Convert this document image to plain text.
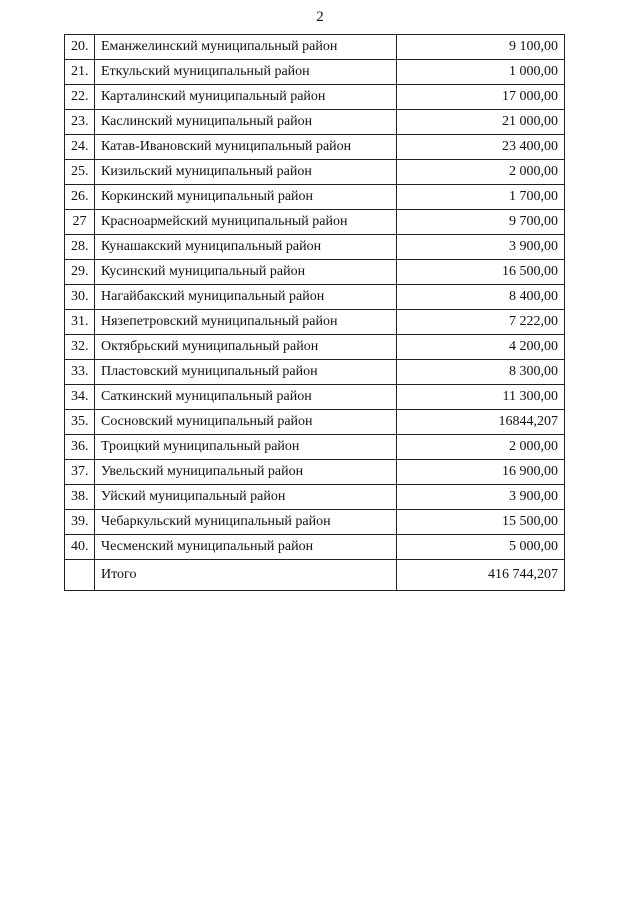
2
20.	Еманжелинский муниципальный район	9 100,00
21.	Еткульский муниципальный район	1 000,00
22.	Карталинский муниципальный район	17 000,00
23.	Каслинский муниципальный район	21 000,00
24.	Катав-Ивановский муниципальный район	23 400,00
25.	Кизильский муниципальный район	2 000,00
26.	Коркинский муниципальный район	1 700,00
27	Красноармейский муниципальный район	9 700,00
28.	Кунашакский муниципальный район	3 900,00
29.	Кусинский муниципальный район	16 500,00
30.	Нагайбакский муниципальный район	8 400,00
31.	Нязепетровский муниципальный район	7 222,00
32.	Октябрьский муниципальный район	4 200,00
33.	Пластовский муниципальный район	8 300,00
34.	Саткинский муниципальный район	11 300,00
35.	Сосновский муниципальный район	16844,207
36.	Троицкий муниципальный район	2 000,00
37.	Увельский муниципальный район	16 900,00
38.	Уйский муниципальный район	3 900,00
39.	Чебаркульский муниципальный район	15 500,00
40.	Чесменский муниципальный район	5 000,00
	Итого	416 744,207
